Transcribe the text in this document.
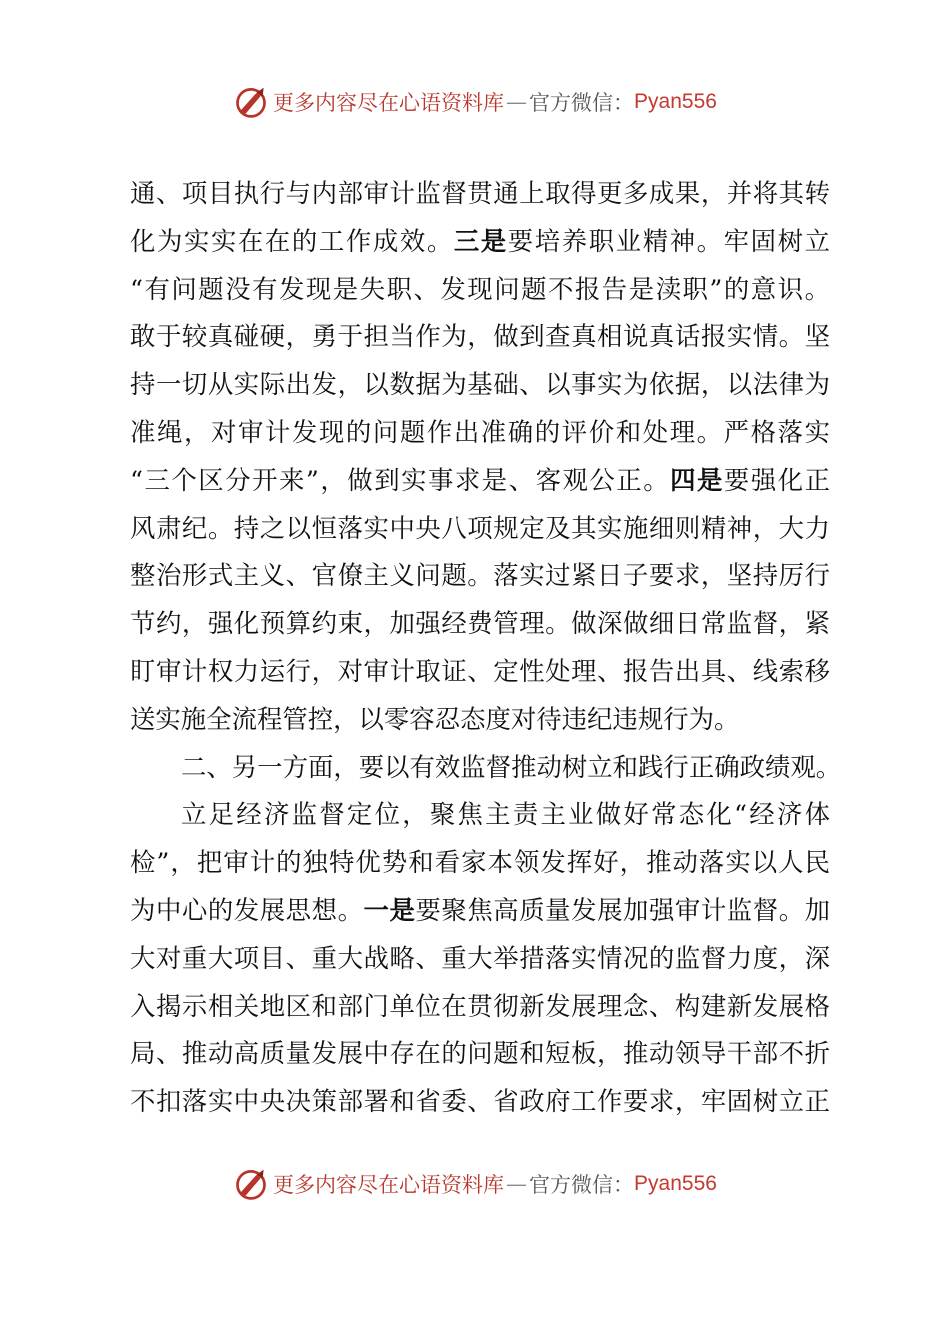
更多内容尽在心语资料库 — 官方微信： Pyan556
通、项目执行与内部审计监督贯通上取得更多成果，并将其转
化为实实在在的工作成效。三是要培养职业精神。牢固树立
“有问题没有发现是失职、发现问题不报告是渎职”的意识。
敢于较真碰硬，勇于担当作为，做到查真相说真话报实情。坚
持一切从实际出发，以数据为基础、以事实为依据，以法律为
准绳，对审计发现的问题作出准确的评价和处理。严格落实
“三个区分开来”，做到实事求是、客观公正。四是要强化正
风肃纪。持之以恒落实中央八项规定及其实施细则精神，大力
整治形式主义、官僚主义问题。落实过紧日子要求，坚持厉行
节约，强化预算约束，加强经费管理。做深做细日常监督，紧
盯审计权力运行，对审计取证、定性处理、报告出具、线索移
送实施全流程管控，以零容忍态度对待违纪违规行为。
二、另一方面，要以有效监督推动树立和践行正确政绩观。
立足经济监督定位，聚焦主责主业做好常态化“经济体
检”，把审计的独特优势和看家本领发挥好，推动落实以人民
为中心的发展思想。一是要聚焦高质量发展加强审计监督。加
大对重大项目、重大战略、重大举措落实情况的监督力度，深
入揭示相关地区和部门单位在贯彻新发展理念、构建新发展格
局、推动高质量发展中存在的问题和短板，推动领导干部不折
不扣落实中央决策部署和省委、省政府工作要求，牢固树立正
更多内容尽在心语资料库 — 官方微信： Pyan556
